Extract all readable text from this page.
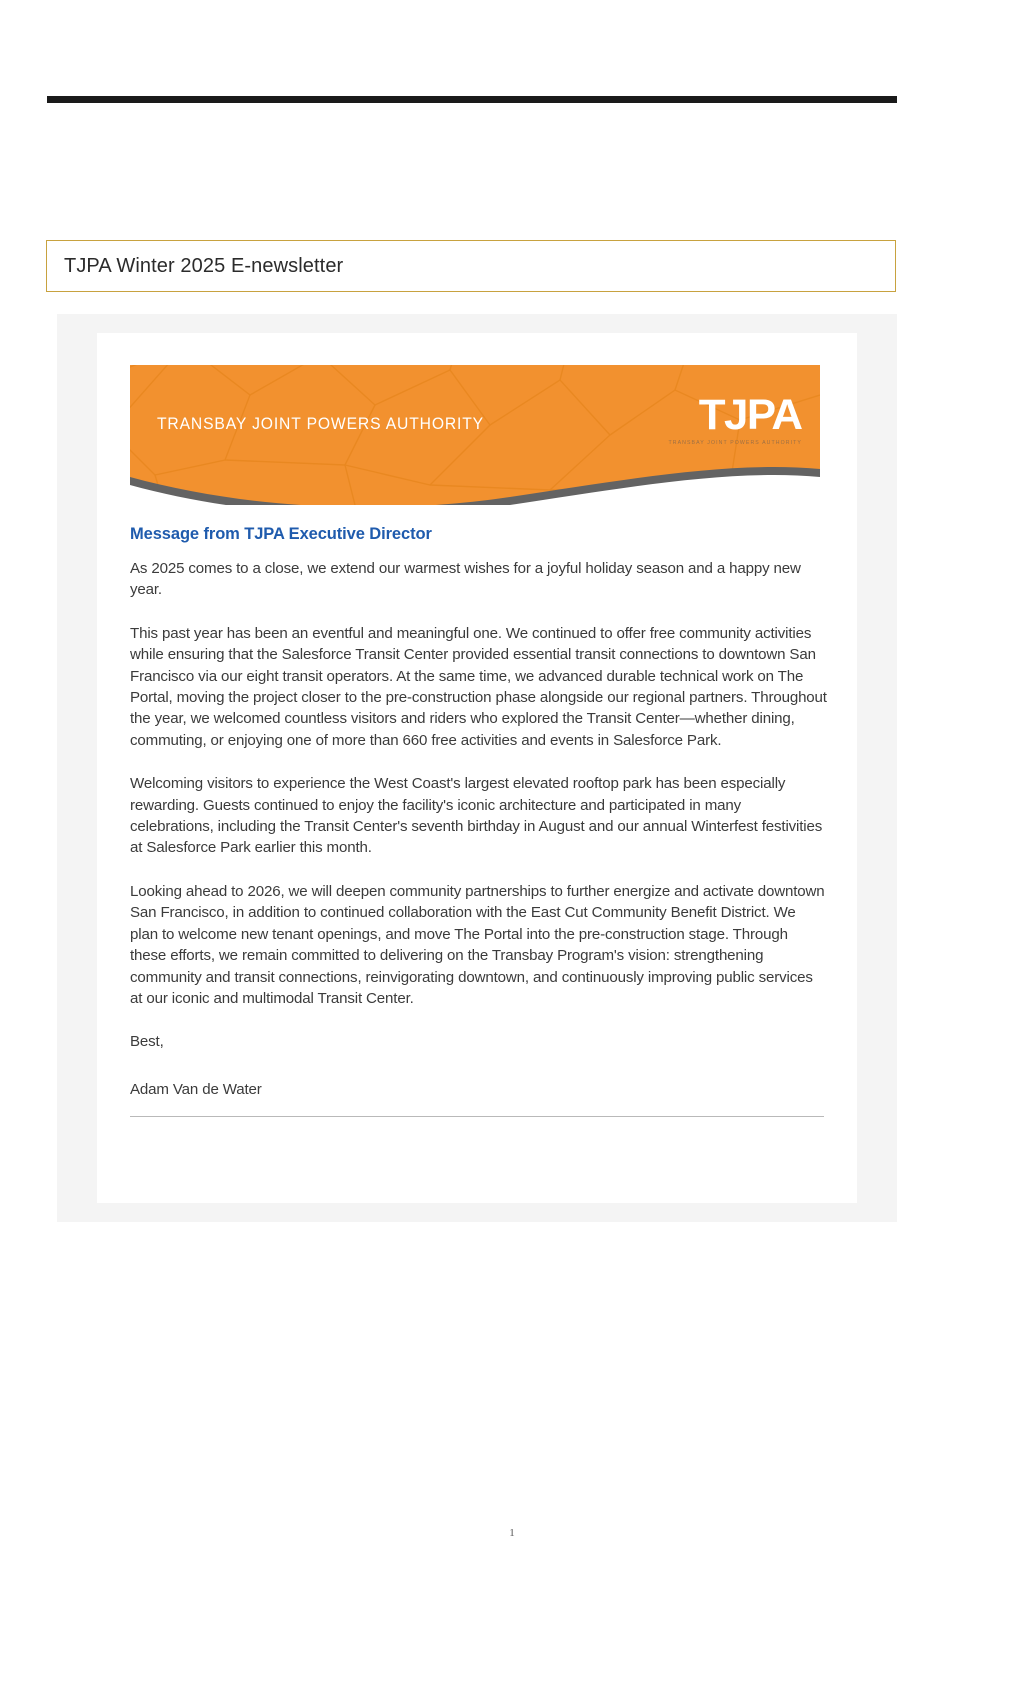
TJPA Winter 2025 E-newsletter
TRANSBAY JOINT POWERS AUTHORITY	TJPA
TRANSBAY JOINT POWERS AUTHORITY
Message from TJPA Executive Director

As 2025 comes to a close, we extend our warmest wishes for a joyful holiday season and a happy new year.

This past year has been an eventful and meaningful one. We continued to offer free community activities while ensuring that the Salesforce Transit Center provided essential transit connections to downtown San Francisco via our eight transit operators. At the same time, we advanced durable technical work on The Portal, moving the project closer to the pre-construction phase alongside our regional partners. Throughout the year, we welcomed countless visitors and riders who explored the Transit Center—whether dining, commuting, or enjoying one of more than 660 free activities and events in Salesforce Park.

Welcoming visitors to experience the West Coast's largest elevated rooftop park has been especially rewarding. Guests continued to enjoy the facility's iconic architecture and participated in many celebrations, including the Transit Center's seventh birthday in August and our annual Winterfest festivities at Salesforce Park earlier this month.

Looking ahead to 2026, we will deepen community partnerships to further energize and activate downtown San Francisco, in addition to continued collaboration with the East Cut Community Benefit District. We plan to welcome new tenant openings, and move The Portal into the pre-construction stage. Through these efforts, we remain committed to delivering on the Transbay Program's vision: strengthening community and transit connections, reinvigorating downtown, and continuously improving public services at our iconic and multimodal Transit Center.

Best,

Adam Van de Water

1
